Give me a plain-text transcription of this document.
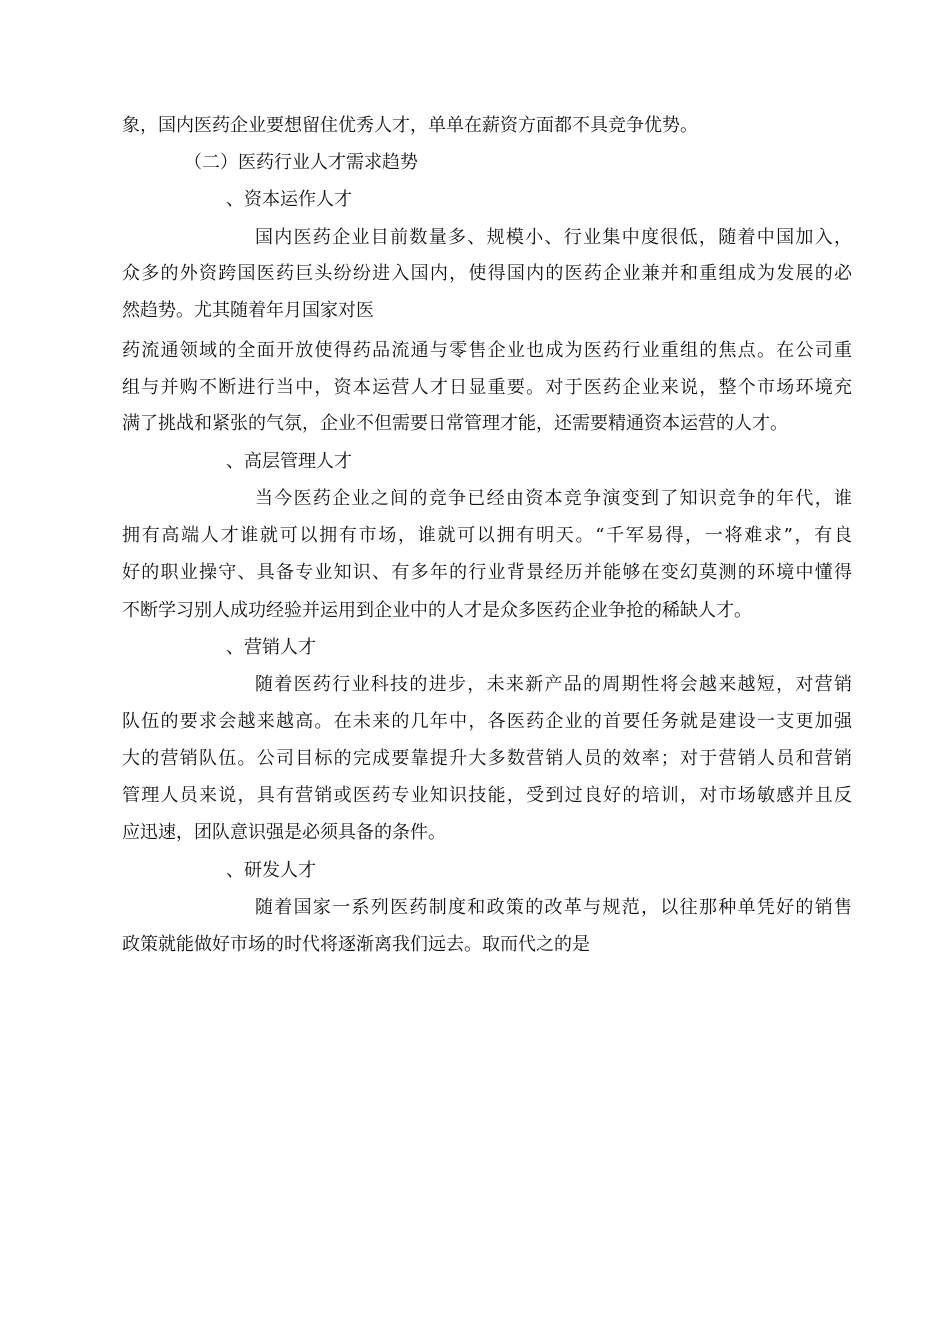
象，国内医药企业要想留住优秀人才，单单在薪资方面都不具竞争优势。
（二）医药行业人才需求趋势
、资本运作人才
国内医药企业目前数量多、规模小、行业集中度很低，随着中国加入，
众多的外资跨国医药巨头纷纷进入国内，使得国内的医药企业兼并和重组成为发展的必
然趋势。尤其随着年月国家对医
药流通领域的全面开放使得药品流通与零售企业也成为医药行业重组的焦点。在公司重
组与并购不断进行当中，资本运营人才日显重要。对于医药企业来说，整个市场环境充
满了挑战和紧张的气氛，企业不但需要日常管理才能，还需要精通资本运营的人才。
、高层管理人才
当今医药企业之间的竞争已经由资本竞争演变到了知识竞争的年代，谁
拥有高端人才谁就可以拥有市场，谁就可以拥有明天。“千军易得，一将难求”，有良
好的职业操守、具备专业知识、有多年的行业背景经历并能够在变幻莫测的环境中懂得
不断学习别人成功经验并运用到企业中的人才是众多医药企业争抢的稀缺人才。
、营销人才
随着医药行业科技的进步，未来新产品的周期性将会越来越短，对营销
队伍的要求会越来越高。在未来的几年中，各医药企业的首要任务就是建设一支更加强
大的营销队伍。公司目标的完成要靠提升大多数营销人员的效率；对于营销人员和营销
管理人员来说，具有营销或医药专业知识技能，受到过良好的培训，对市场敏感并且反
应迅速，团队意识强是必须具备的条件。
、研发人才
随着国家一系列医药制度和政策的改革与规范，以往那种单凭好的销售
政策就能做好市场的时代将逐渐离我们远去。取而代之的是
